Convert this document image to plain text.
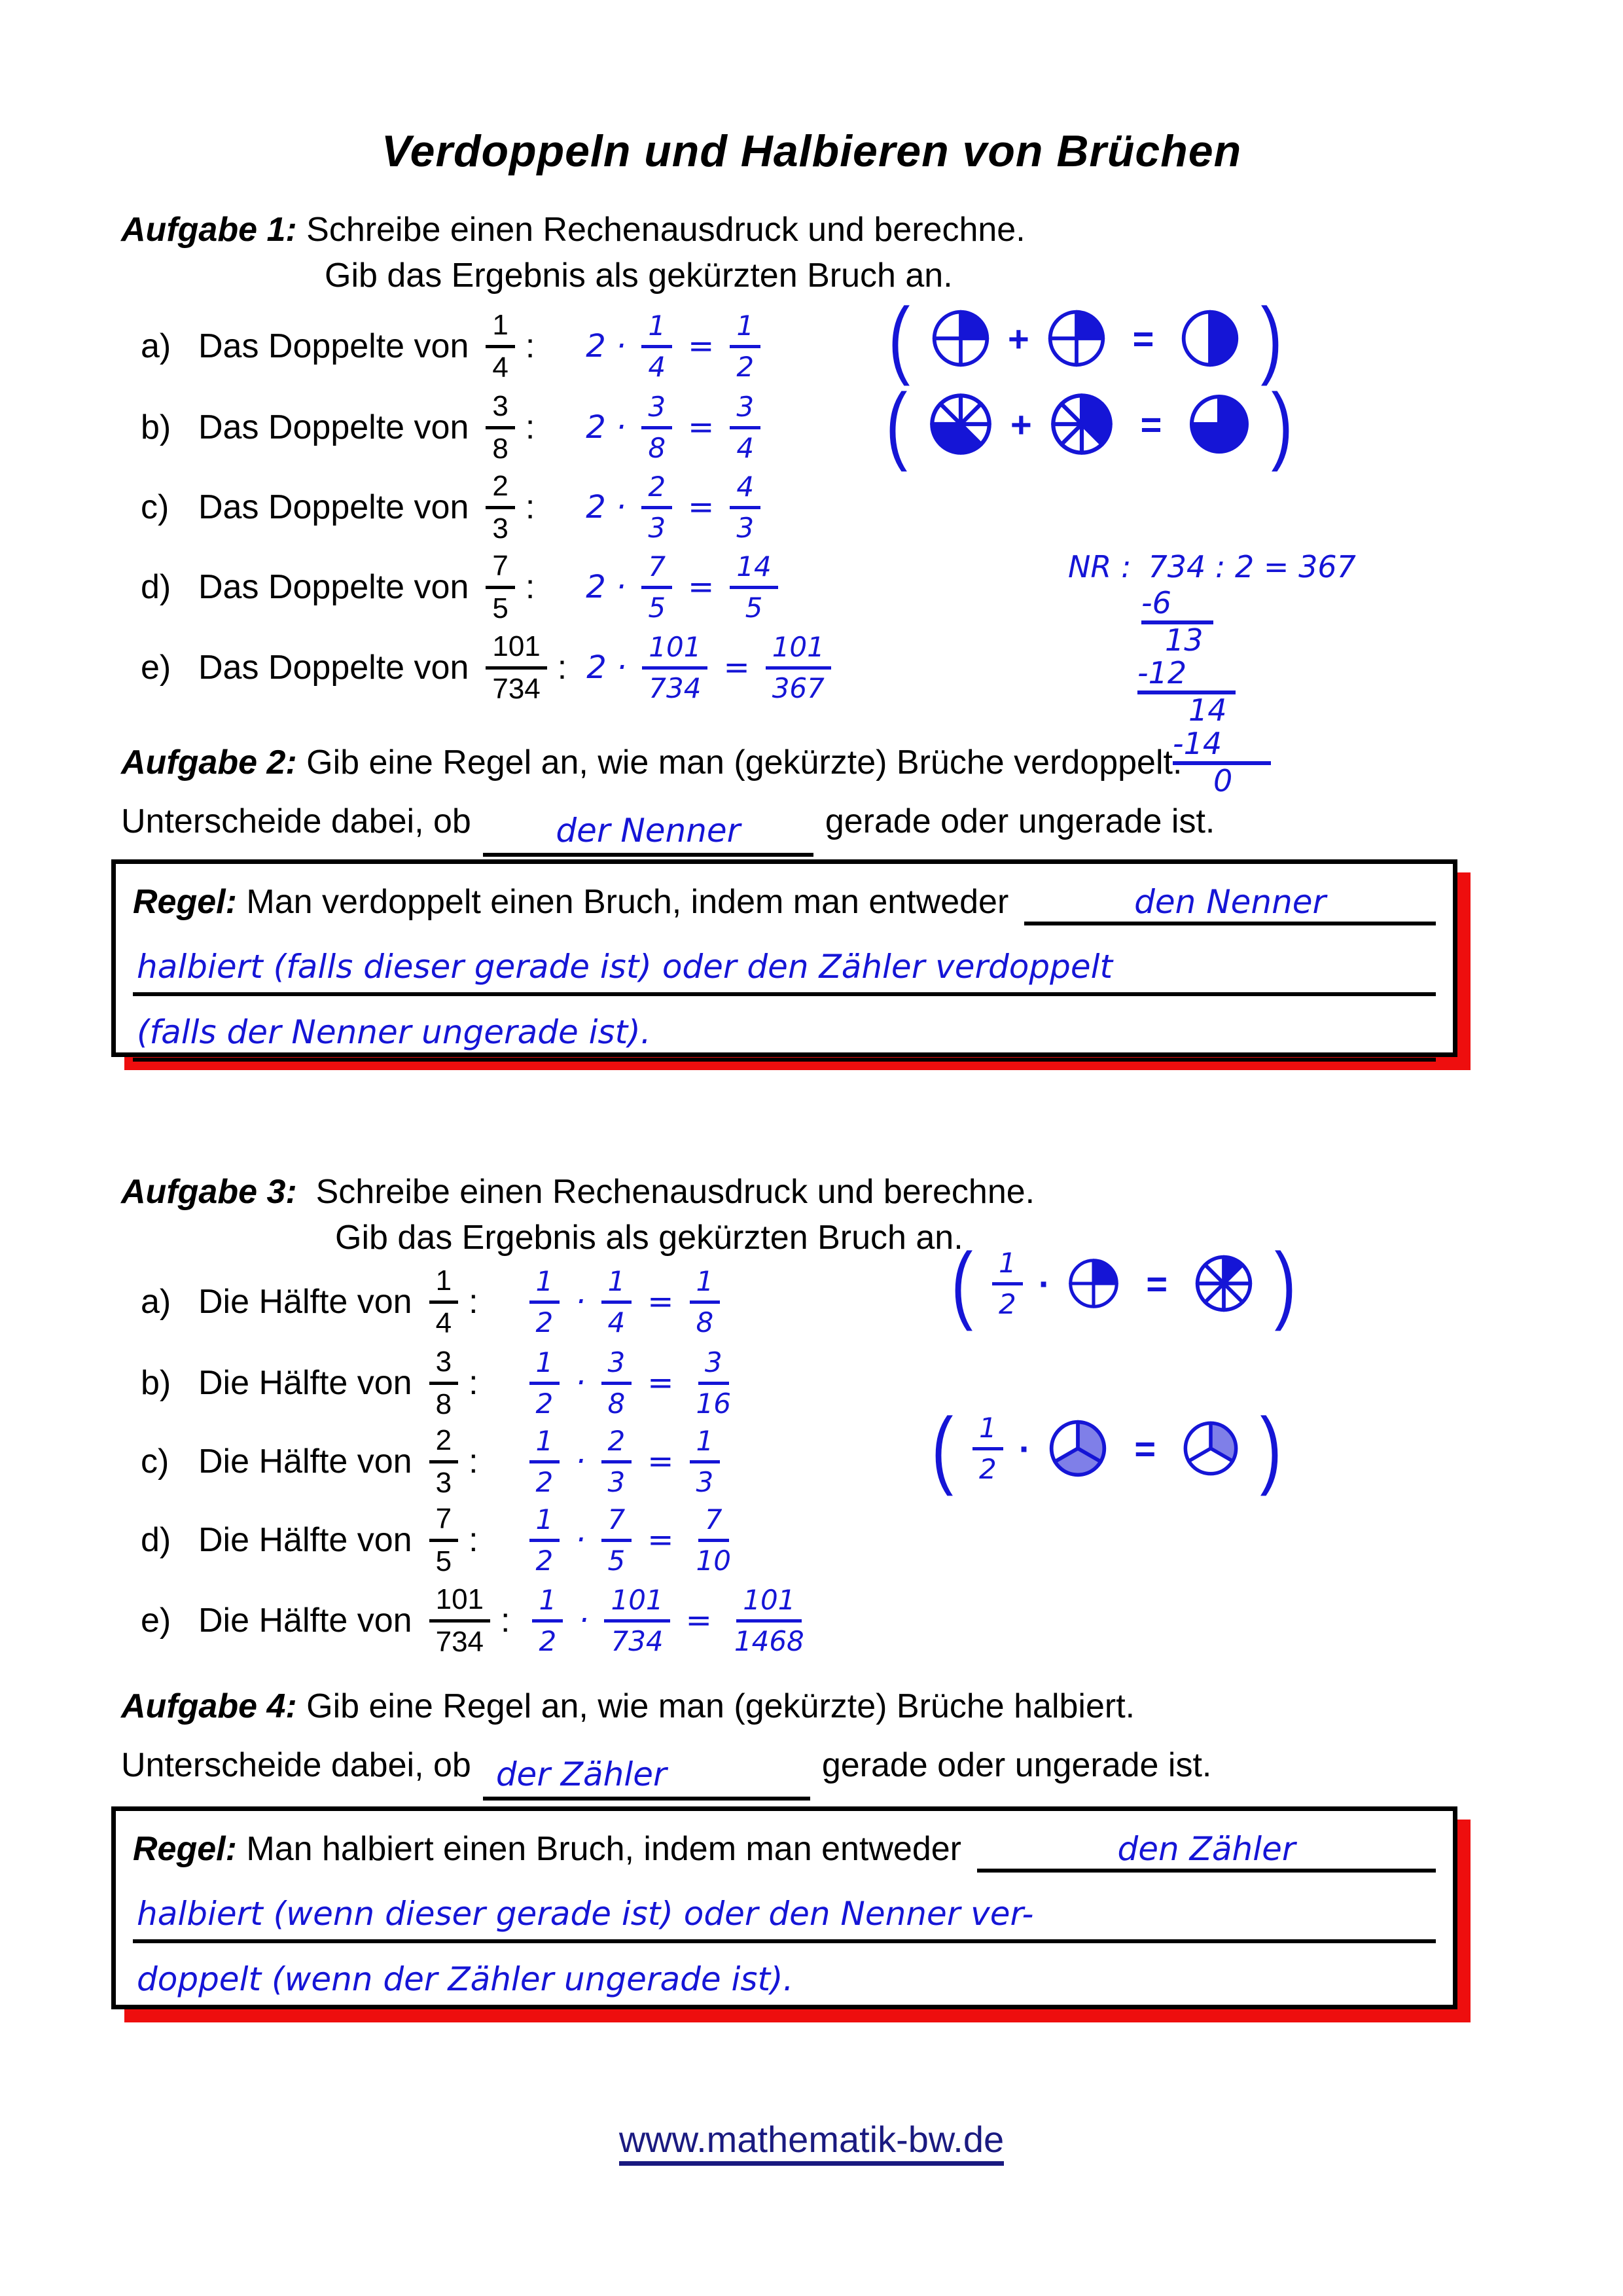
Verdoppeln und Halbieren von Brüchen
Aufgabe 1: Schreibe einen Rechenausdruck und berechne.
Gib das Ergebnis als gekürzten Bruch an.
a) Das Doppelte von $\frac{1}{4}$ : $2 \cdot \frac{1}{4} = \frac{1}{2}$
b) Das Doppelte von $\frac{3}{8}$ : $2 \cdot \frac{3}{8} = \frac{3}{4}$
c) Das Doppelte von $\frac{2}{3}$ : $2 \cdot \frac{2}{3} = \frac{4}{3}$
d) Das Doppelte von $\frac{7}{5}$ : $2 \cdot \frac{7}{5} = \frac{14}{5}$
e) Das Doppelte von $\frac{101}{734}$ : $2 \cdot \frac{101}{734} = \frac{101}{367}$
(	+	= )
(	+	= )
NR : 734 : 2 = 367
-6
13
-12
14
-14
0
Aufgabe 2: Gib eine Regel an, wie man (gekürzte) Brüche verdoppelt.
Unterscheide dabei, ob	der Nenner gerade oder ungerade ist.
Regel:
Man verdoppelt einen Bruch, indem man entweder	den Nenner
halbiert (falls dieser gerade ist) oder den Zähler verdoppelt
(falls der Nenner ungerade ist).
Aufgabe 3: Schreibe einen Rechenausdruck und berechne.
Gib das Ergebnis als gekürzten Bruch an.
a) Die Hälfte von $\frac{1}{4}$ : $\frac{1}{2} \cdot \frac{1}{4} = \frac{1}{8}$
b) Die Hälfte von $\frac{3}{8}$ : $\frac{1}{2} \cdot \frac{3}{8} = \frac{3}{16}$
c) Die Hälfte von $\frac{2}{3}$ : $\frac{1}{2} \cdot \frac{2}{3} = \frac{1}{3}$
d) Die Hälfte von $\frac{7}{5}$ : $\frac{1}{2} \cdot \frac{7}{5} = \frac{7}{10}$
e) Die Hälfte von $\frac{101}{734}$ : $\frac{1}{2} \cdot \frac{101}{734} = \frac{101}{1468}$
( $\frac{1}{2}$ ·	= )
( $\frac{1}{2}$ ·	= )
Aufgabe 4: Gib eine Regel an, wie man (gekürzte) Brüche halbiert.
Unterscheide dabei, ob der Zähler	gerade oder ungerade ist.
Regel:
Man halbiert einen Bruch, indem man entweder	den Zähler
halbiert (wenn dieser gerade ist) oder den Nenner ver-
doppelt (wenn der Zähler ungerade ist).
www.mathematik-bw.de
